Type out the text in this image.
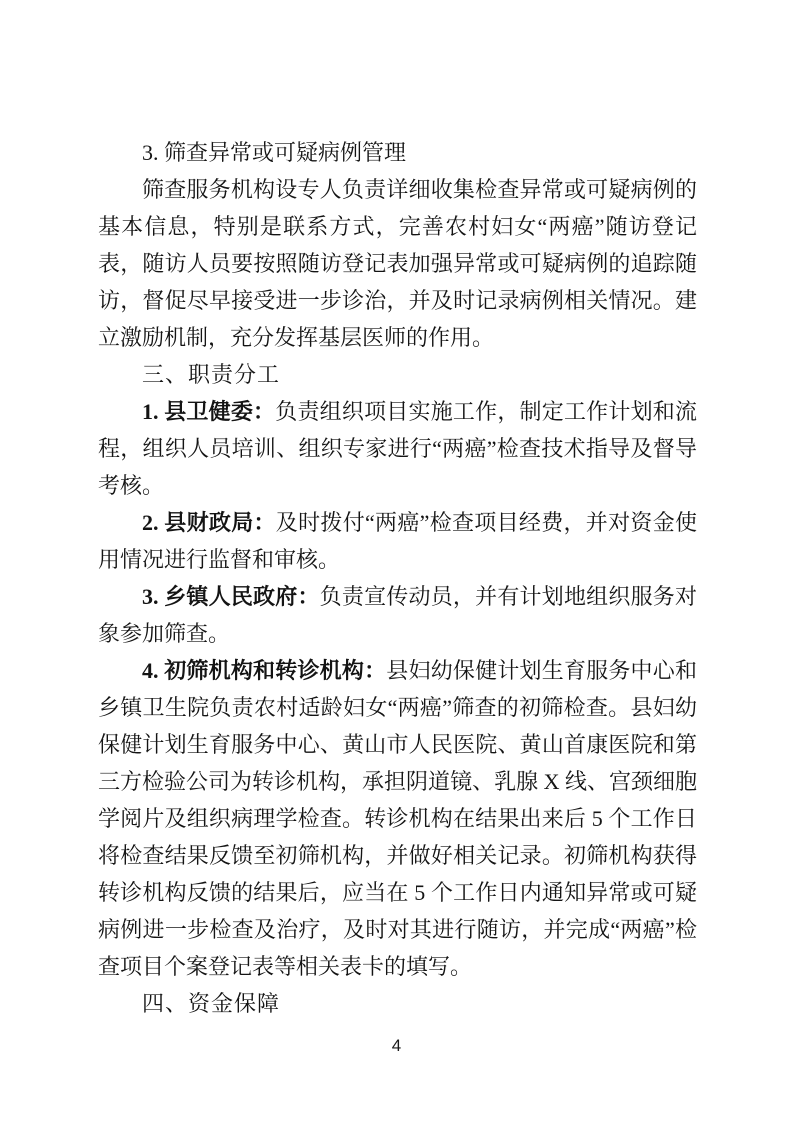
3. 筛查异常或可疑病例管理

筛查服务机构设专人负责详细收集检查异常或可疑病例的基本信息，特别是联系方式，完善农村妇女“两癌”随访登记表，随访人员要按照随访登记表加强异常或可疑病例的追踪随访，督促尽早接受进一步诊治，并及时记录病例相关情况。建立激励机制，充分发挥基层医师的作用。

三、职责分工

1. 县卫健委：负责组织项目实施工作，制定工作计划和流程，组织人员培训、组织专家进行“两癌”检查技术指导及督导考核。

2. 县财政局：及时拨付“两癌”检查项目经费，并对资金使用情况进行监督和审核。

3. 乡镇人民政府：负责宣传动员，并有计划地组织服务对象参加筛查。

4. 初筛机构和转诊机构：县妇幼保健计划生育服务中心和乡镇卫生院负责农村适龄妇女“两癌”筛查的初筛检查。县妇幼保健计划生育服务中心、黄山市人民医院、黄山首康医院和第三方检验公司为转诊机构，承担阴道镜、乳腺 X 线、宫颈细胞学阅片及组织病理学检查。转诊机构在结果出来后 5 个工作日将检查结果反馈至初筛机构，并做好相关记录。初筛机构获得转诊机构反馈的结果后，应当在 5 个工作日内通知异常或可疑病例进一步检查及治疗，及时对其进行随访，并完成“两癌”检查项目个案登记表等相关表卡的填写。

四、资金保障
4
